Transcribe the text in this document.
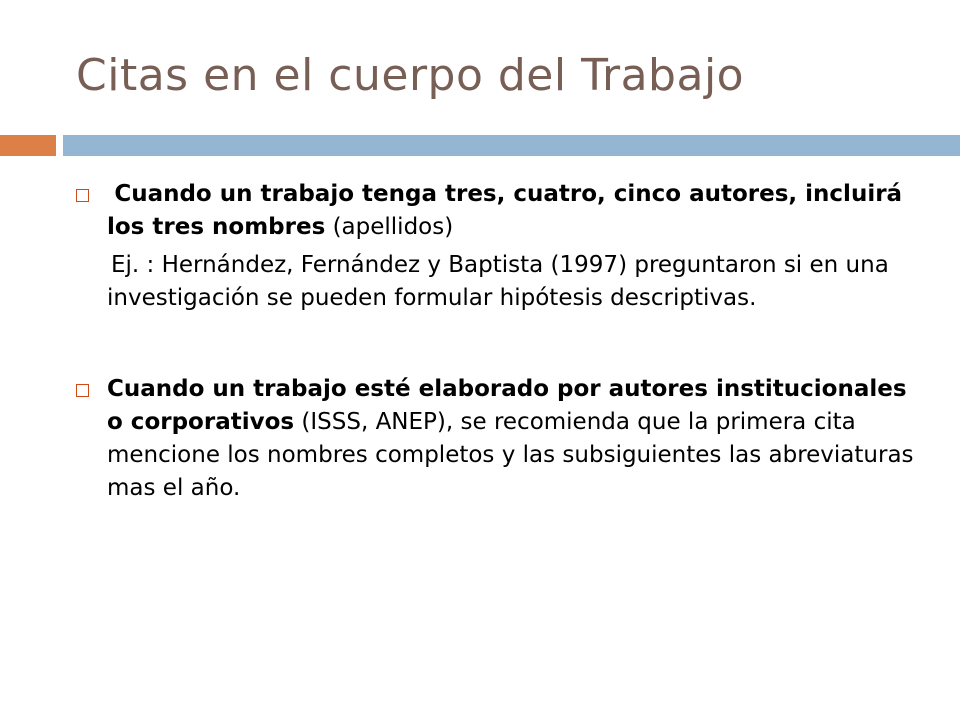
Citas en el cuerpo del Trabajo
Cuando un trabajo tenga tres, cuatro, cinco autores, incluirá los tres nombres (apellidos)
Ej. : Hernández, Fernández y Baptista (1997) preguntaron si en una investigación se pueden formular hipótesis descriptivas.
Cuando un trabajo esté elaborado por autores institucionales o corporativos (ISSS, ANEP), se recomienda que la primera cita mencione los nombres completos y las subsiguientes las abreviaturas mas el año.
